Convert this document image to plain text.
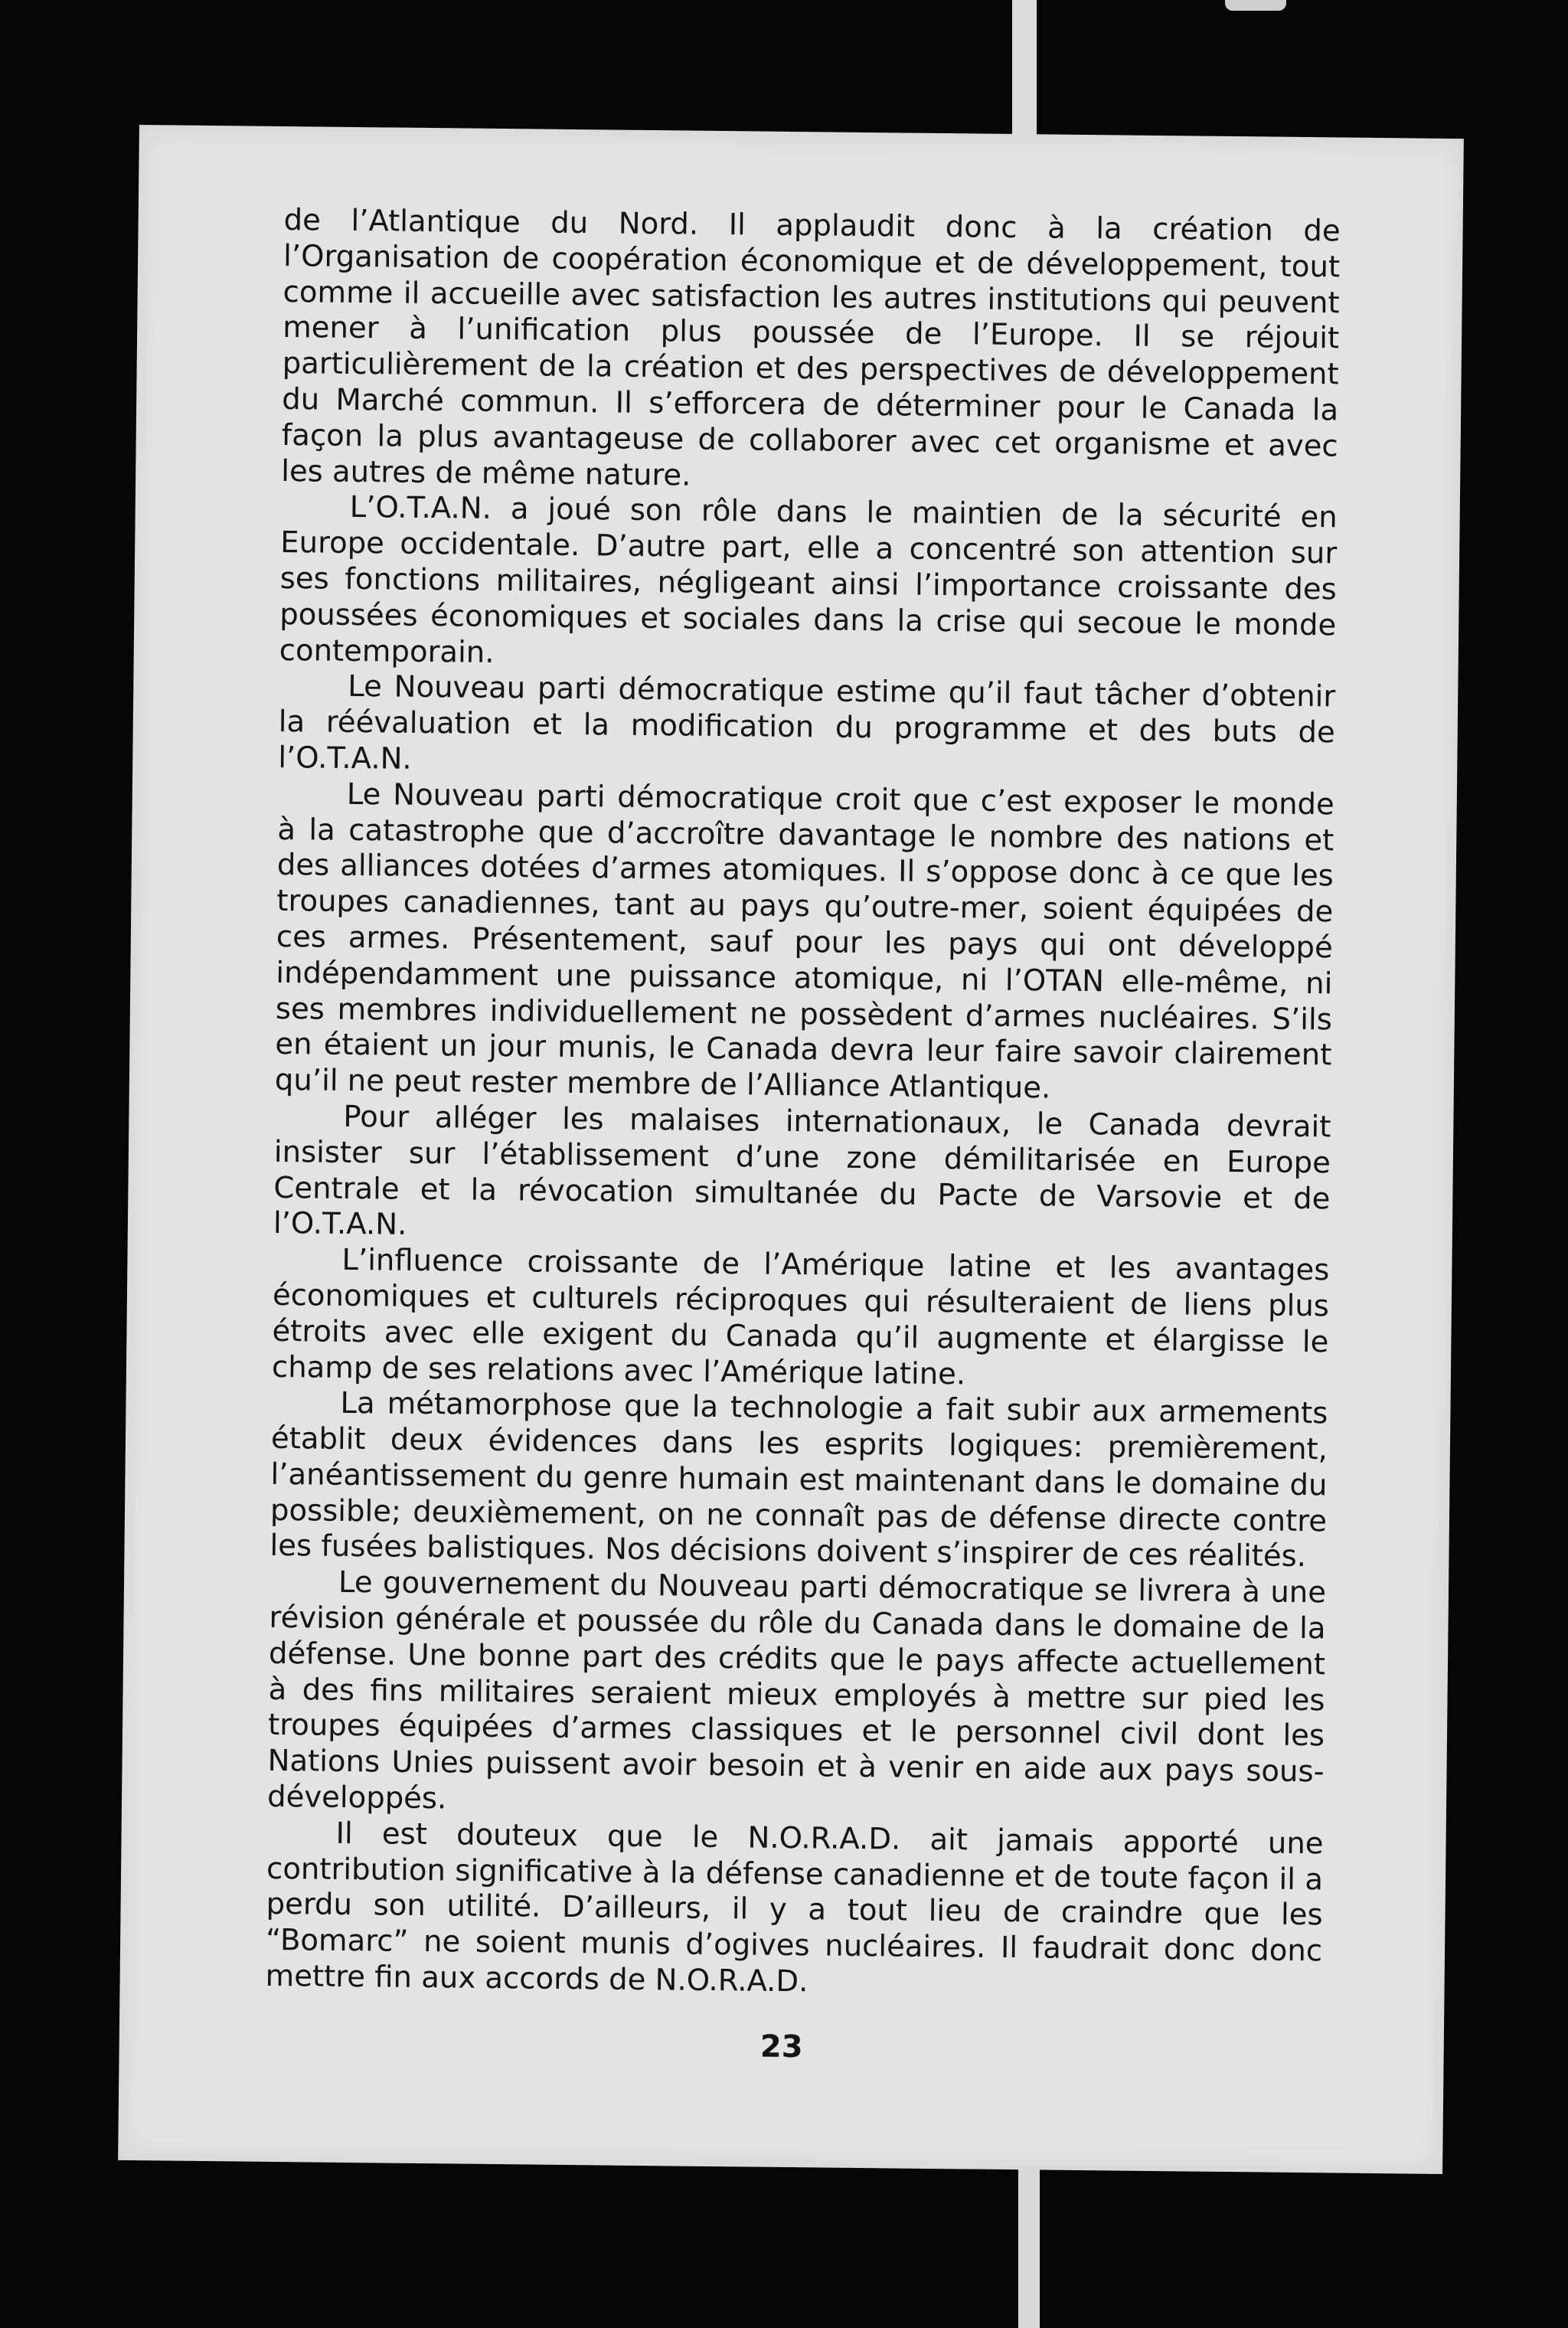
de l’Atlantique du Nord. Il applaudit donc à la création de l’Organisation de coopération économique et de développement, tout comme il accueille avec satisfaction les autres institutions qui peuvent mener à l’unification plus poussée de l’Europe. Il se réjouit particulièrement de la création et des perspectives de développement du Marché commun. Il s’efforcera de déterminer pour le Canada la façon la plus avantageuse de collaborer avec cet organisme et avec les autres de même nature.

L’O.T.A.N. a joué son rôle dans le maintien de la sécurité en Europe occidentale. D’autre part, elle a concentré son attention sur ses fonctions militaires, négligeant ainsi l’importance croissante des poussées économiques et sociales dans la crise qui secoue le monde contemporain.

Le Nouveau parti démocratique estime qu’il faut tâcher d’obtenir la réévaluation et la modification du programme et des buts de l’O.T.A.N.

Le Nouveau parti démocratique croit que c’est exposer le monde à la catastrophe que d’accroître davantage le nombre des nations et des alliances dotées d’armes atomiques. Il s’oppose donc à ce que les troupes canadiennes, tant au pays qu’outre-mer, soient équipées de ces armes. Présentement, sauf pour les pays qui ont développé indépendamment une puissance atomique, ni l’OTAN elle-même, ni ses membres individuellement ne possèdent d’armes nucléaires. S’ils en étaient un jour munis, le Canada devra leur faire savoir clairement qu’il ne peut rester membre de l’Alliance Atlantique.

Pour alléger les malaises internationaux, le Canada devrait insister sur l’établissement d’une zone démilitarisée en Europe Centrale et la révocation simultanée du Pacte de Varsovie et de l’O.T.A.N.

L’influence croissante de l’Amérique latine et les avantages économiques et culturels réciproques qui résulteraient de liens plus étroits avec elle exigent du Canada qu’il augmente et élargisse le champ de ses relations avec l’Amérique latine.

La métamorphose que la technologie a fait subir aux armements établit deux évidences dans les esprits logiques: premièrement, l’anéantissement du genre humain est maintenant dans le domaine du possible; deuxièmement, on ne connaît pas de défense directe contre les fusées balistiques. Nos décisions doivent s’inspirer de ces réalités.

Le gouvernement du Nouveau parti démocratique se livrera à une révision générale et poussée du rôle du Canada dans le domaine de la défense. Une bonne part des crédits que le pays affecte actuellement à des fins militaires seraient mieux employés à mettre sur pied les troupes équipées d’armes classiques et le personnel civil dont les Nations Unies puissent avoir besoin et à venir en aide aux pays sous-développés.

Il est douteux que le N.O.R.A.D. ait jamais apporté une contribution significative à la défense canadienne et de toute façon il a perdu son utilité. D’ailleurs, il y a tout lieu de craindre que les “Bomarc” ne soient munis d’ogives nucléaires. Il faudrait donc donc mettre fin aux accords de N.O.R.A.D.

23
